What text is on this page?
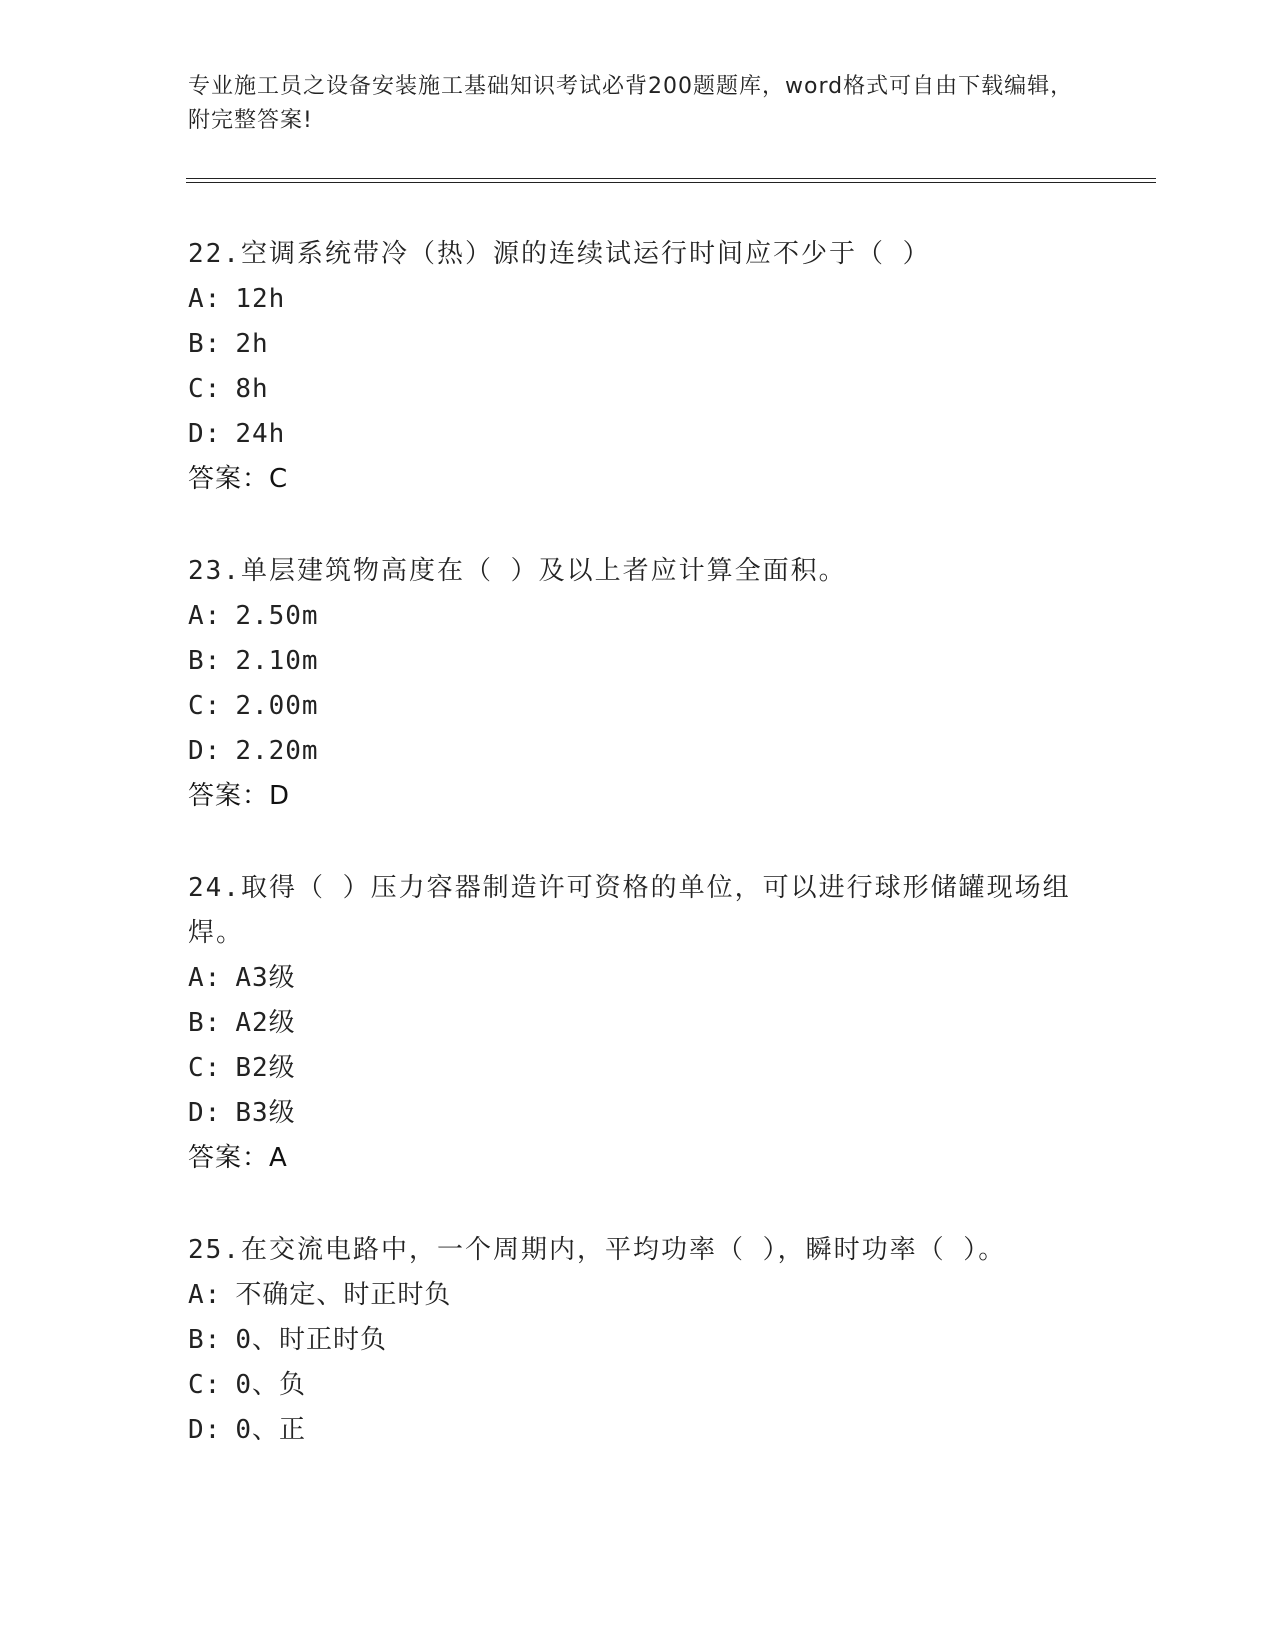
专业施工员之设备安装施工基础知识考试必背200题题库，word格式可自由下载编辑，附完整答案!

22.空调系统带冷（热）源的连续试运行时间应不少于（ ）

A: 12h
B: 2h
C: 8h
D: 24h
答案：C

23.单层建筑物高度在（ ）及以上者应计算全面积。

A: 2.50m
B: 2.10m
C: 2.00m
D: 2.20m
答案：D

24.取得（ ）压力容器制造许可资格的单位，可以进行球形储罐现场组焊。

A: A3级
B: A2级
C: B2级
D: B3级
答案：A

25.在交流电路中，一个周期内，平均功率（ ），瞬时功率（ ）。

A: 不确定、时正时负
B: 0、时正时负
C: 0、负
D: 0、正
